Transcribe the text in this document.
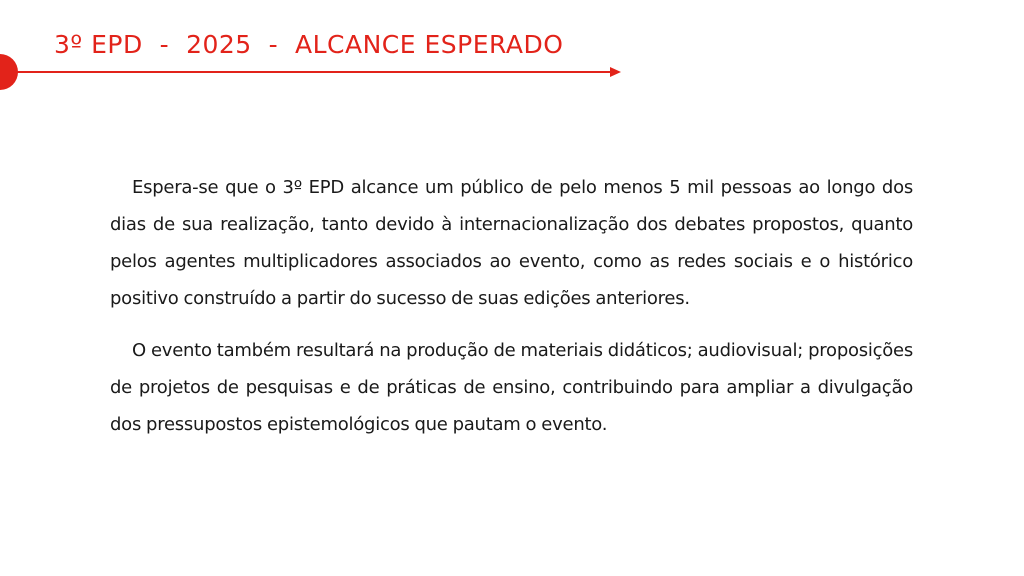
3º EPD  -  2025  -  ALCANCE ESPERADO

Espera-se que o 3º EPD alcance um público de pelo menos 5 mil pessoas ao longo dos dias de sua realização, tanto devido à internacionalização dos debates propostos, quanto pelos agentes multiplicadores associados ao evento, como as redes sociais e o histórico positivo construído a partir do sucesso de suas edições anteriores.

O evento também resultará na produção de materiais didáticos; audiovisual; proposições de projetos de pesquisas e de práticas de ensino, contribuindo para ampliar a divulgação dos pressupostos epistemológicos que pautam o evento.
